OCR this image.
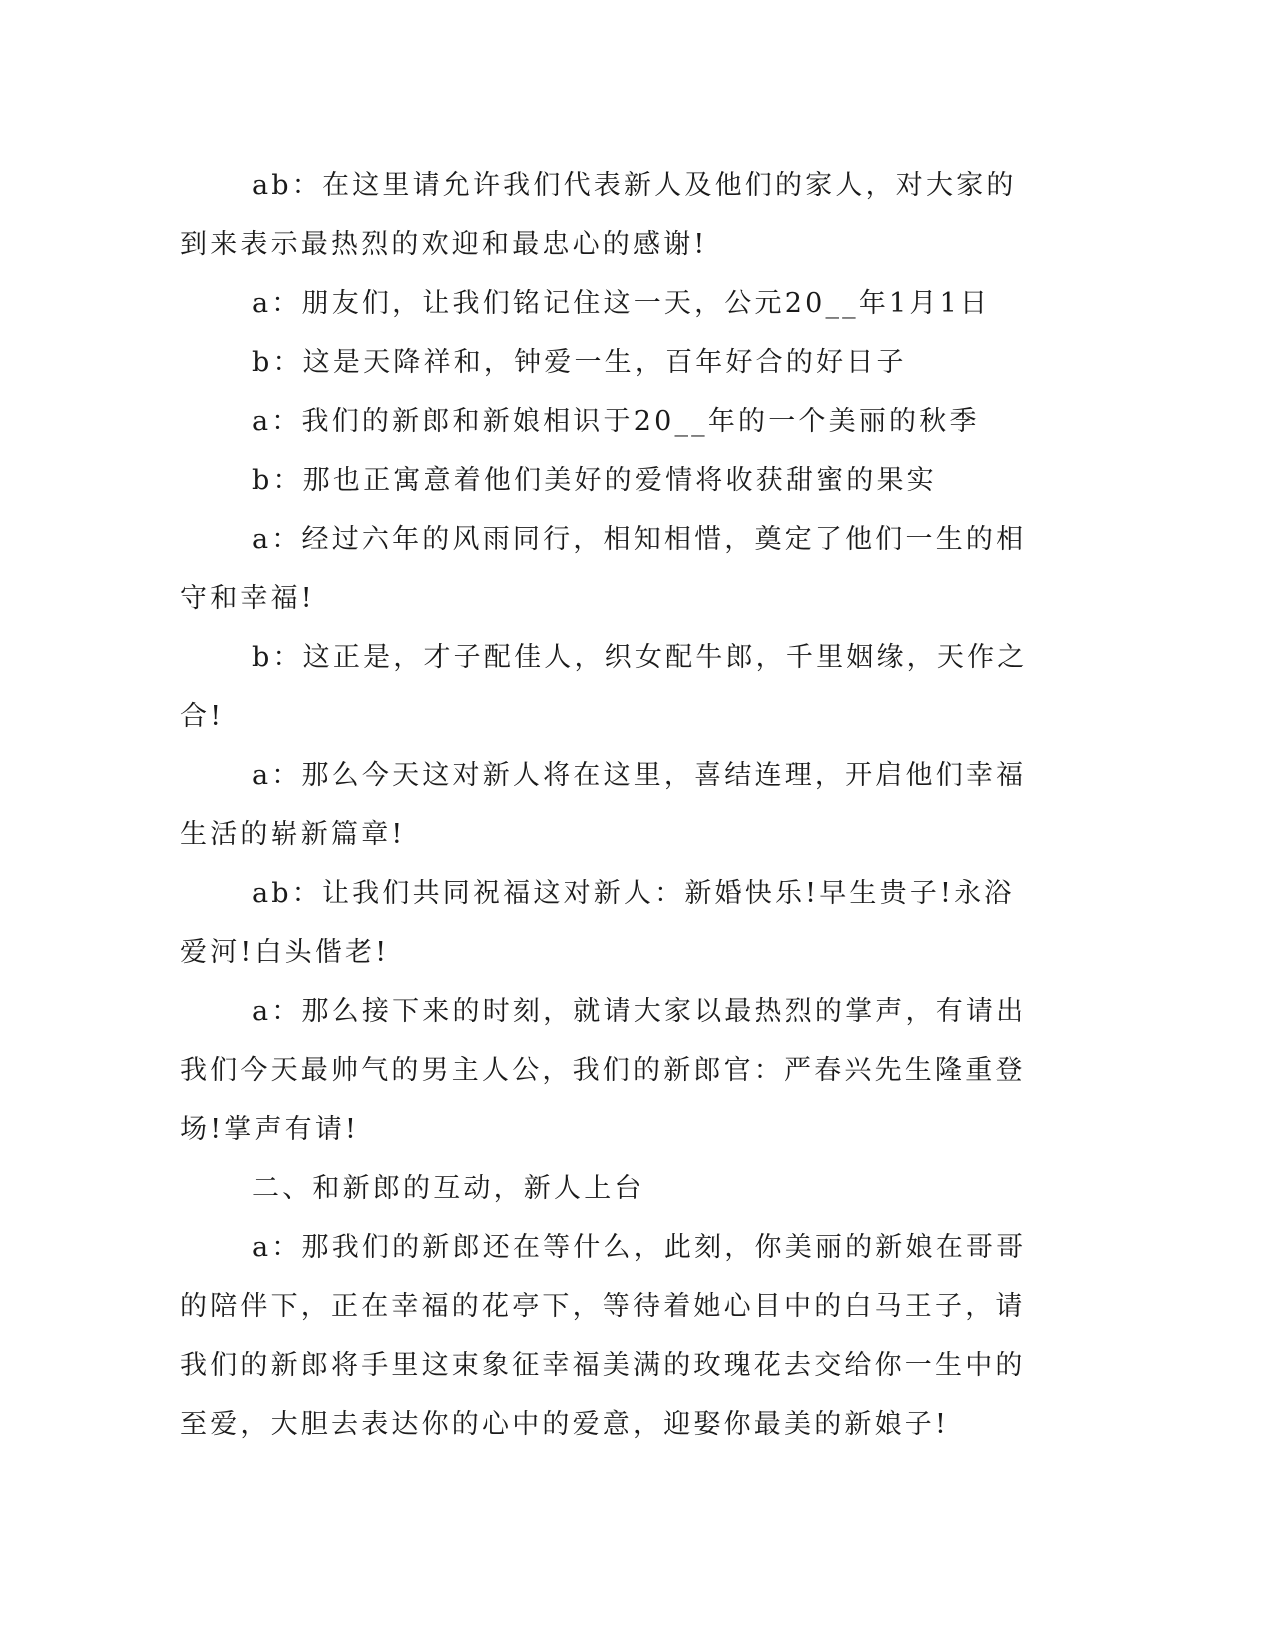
ab：在这里请允许我们代表新人及他们的家人，对大家的到来表示最热烈的欢迎和最忠心的感谢!

a：朋友们，让我们铭记住这一天，公元20__年1月1日

b：这是天降祥和，钟爱一生，百年好合的好日子

a：我们的新郎和新娘相识于20__年的一个美丽的秋季

b：那也正寓意着他们美好的爱情将收获甜蜜的果实

a：经过六年的风雨同行，相知相惜，奠定了他们一生的相守和幸福!

b：这正是，才子配佳人，织女配牛郎，千里姻缘，天作之合!

a：那么今天这对新人将在这里，喜结连理，开启他们幸福生活的崭新篇章!

ab：让我们共同祝福这对新人：新婚快乐!早生贵子!永浴爱河!白头偕老!

a：那么接下来的时刻，就请大家以最热烈的掌声，有请出我们今天最帅气的男主人公，我们的新郎官：严春兴先生隆重登场!掌声有请!

二、和新郎的互动，新人上台

a：那我们的新郎还在等什么，此刻，你美丽的新娘在哥哥的陪伴下，正在幸福的花亭下，等待着她心目中的白马王子，请我们的新郎将手里这束象征幸福美满的玫瑰花去交给你一生中的至爱，大胆去表达你的心中的爱意，迎娶你最美的新娘子!
